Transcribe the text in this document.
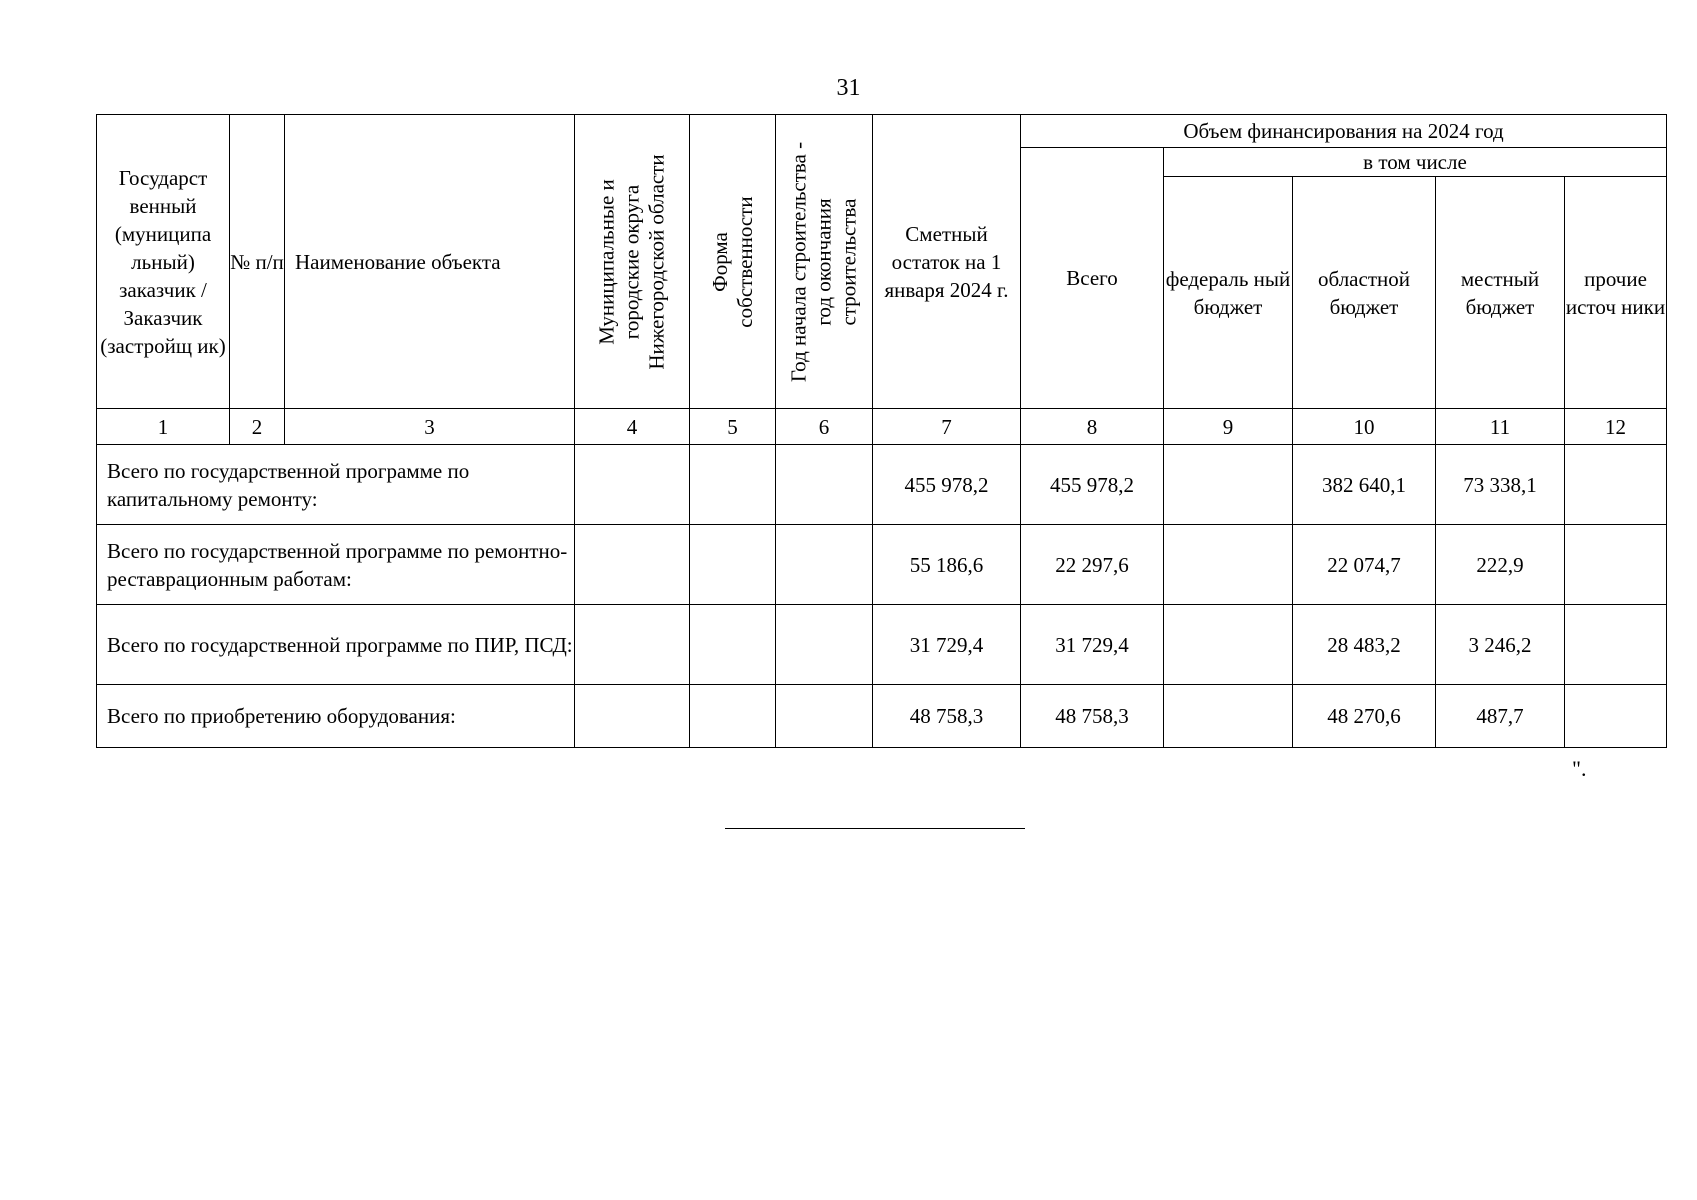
31
Государст венный (муниципа льный) заказчик / Заказчик (застройщ ик)	№ п/п	Наименование объекта	Муниципальные и городские округа Нижегородской области	Форма собственности	Год начала строительства - год окончания строительства	Сметный остаток на 1 января 2024 г.	Объем финансирования на 2024 год				
							Всего	в том числе			
								федераль ный бюджет	областной бюджет	местный бюджет	прочие источ ники
1	2	3	4	5	6	7	8	9	10	11	12
Всего по государственной программе по капитальному ремонту:						455 978,2	455 978,2		382 640,1	73 338,1	
Всего по государственной программе по ремонтно-реставрационным работам:						55 186,6	22 297,6		22 074,7	222,9	
Всего по государственной программе по ПИР, ПСД:						31 729,4	31 729,4		28 483,2	3 246,2	
Всего по приобретению оборудования:						48 758,3	48 758,3		48 270,6	487,7	
".
